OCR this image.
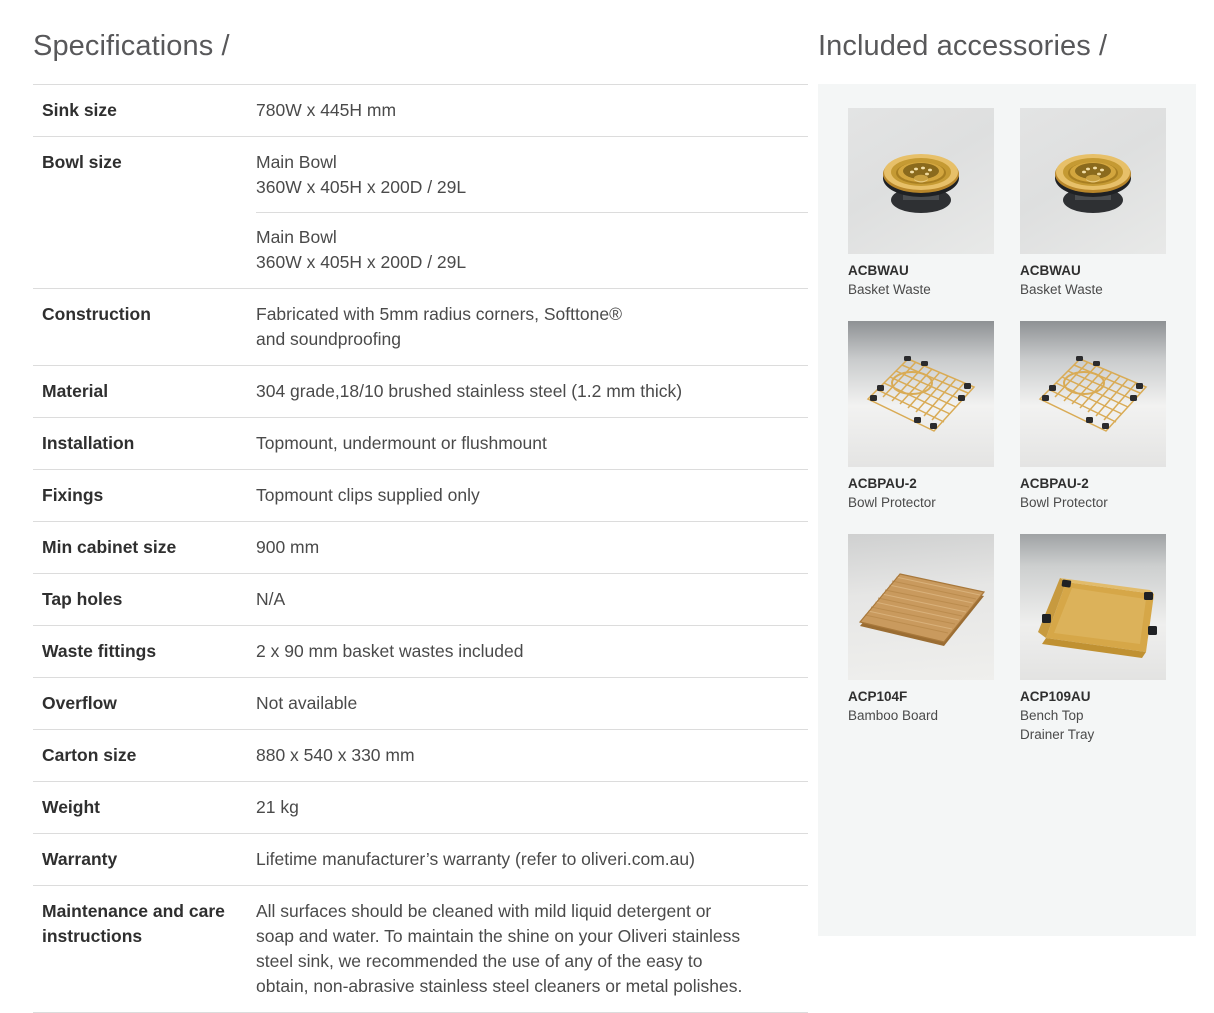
Specifications /
Sink size	780W x 445H mm
Bowl size	Main Bowl
360W x 405H x 200D / 29L
Main Bowl
360W x 405H x 200D / 29L

Construction	Fabricated with 5mm radius corners, Softtone®
and soundproofing

Material	304 grade,18/10 brushed stainless steel (1.2 mm thick)
Installation	Topmount, undermount or flushmount
Fixings	Topmount clips supplied only
Min cabinet size	900 mm
Tap holes	N/A
Waste fittings	2 x 90 mm basket wastes included
Overflow	Not available
Carton size	880 x 540 x 330 mm
Weight	21 kg
Warranty	Lifetime manufacturer’s warranty (refer to oliveri.com.au)
Maintenance and care instructions	All surfaces should be cleaned with mild liquid detergent or
soap and water. To maintain the shine on your Oliveri stainless
steel sink, we recommended the use of any of the easy to
obtain, non-abrasive stainless steel cleaners or metal polishes.
Included accessories /
ACBWAU
Basket Waste
ACBWAU
Basket Waste
ACBPAU-2
Bowl Protector
ACBPAU-2
Bowl Protector
ACP104F
Bamboo Board
ACP109AU
Bench Top
Drainer Tray
